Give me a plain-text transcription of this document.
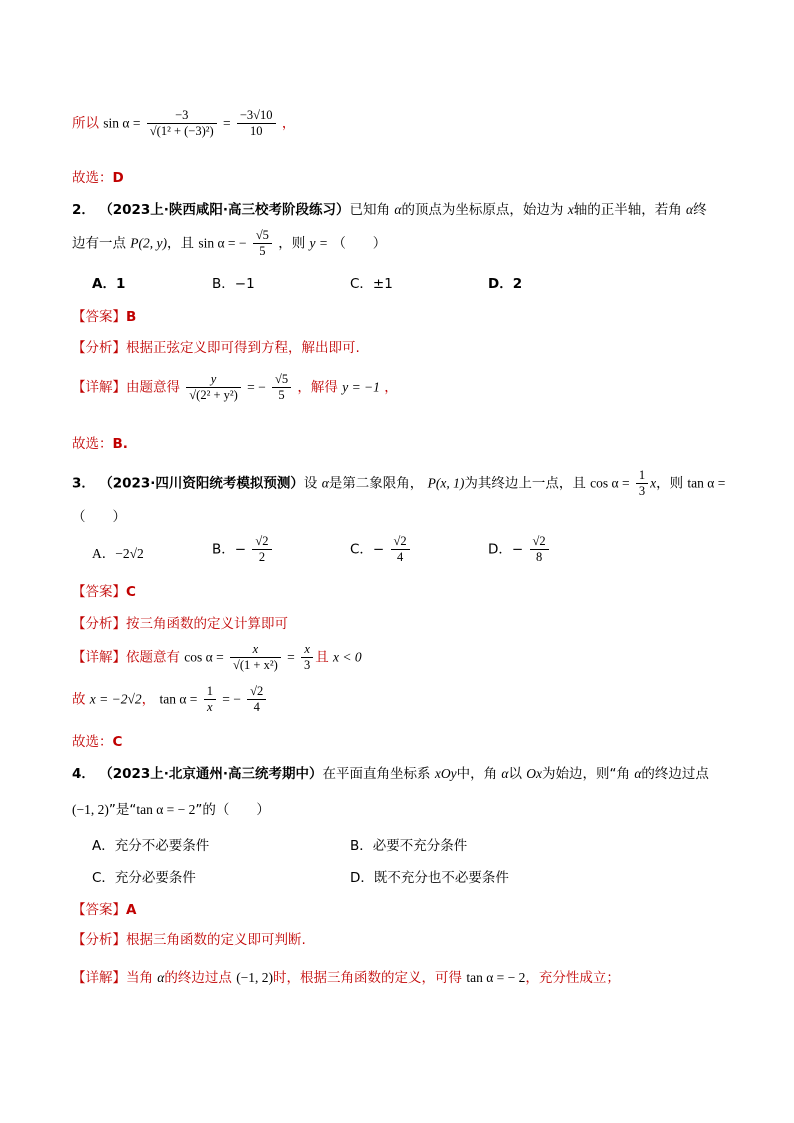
所以 $\sin \alpha = \frac{-3}{\text{√(1² + (−3)²)}} = \frac{-3√10}{10}$ ，
故选：D
2． （2023上·陕西咸阳·高三校考阶段练习）已知角 α的顶点为坐标原点，始边为 x轴的正半轴，若角 α终
边有一点 P(2, y)，且 sin α = − $\frac{√5}{5}$ ，则 y = （　　）
A．1	B．−1	C．±1	D．2
【答案】B
【分析】根据正弦定义即可得到方程，解出即可.
【详解】由题意得 $\frac{y}{\text{√(2² + y²)}}$ = − $\frac{√5}{5}$ ，解得 y = −1 ，
故选：B.
3． （2023·四川资阳统考模拟预测）设 α是第二象限角， P(x, 1)为其终边上一点，且 $\cos \alpha = \frac{1}{3}$ x，则 tan α =
（　　）
A．−2√2	B．− $\frac{√2}{2}$	C．− $\frac{√2}{4}$	D．− $\frac{√2}{8}$
【答案】C
【分析】按三角函数的定义计算即可
【详解】依题意有 $\cos \alpha = \frac{x}{\text{√(1 + x²)}} = \frac{x}{3}$ 且 x < 0
故 x = −2√2， $\tan \alpha = \frac{1}{x}$ = − $\frac{√2}{4}$
故选：C
4． （2023上·北京通州·高三统考期中）在平面直角坐标系 xOy中，角 α以 Ox为始边，则“角 α的终边过点
(−1, 2)”是“tan α = − 2”的（　　）
A．充分不必要条件	B．必要不充分条件
C．充分必要条件	D．既不充分也不必要条件
【答案】A
【分析】根据三角函数的定义即可判断.
【详解】当角 α的终边过点 (−1, 2)时，根据三角函数的定义，可得 tan α = − 2，充分性成立；
